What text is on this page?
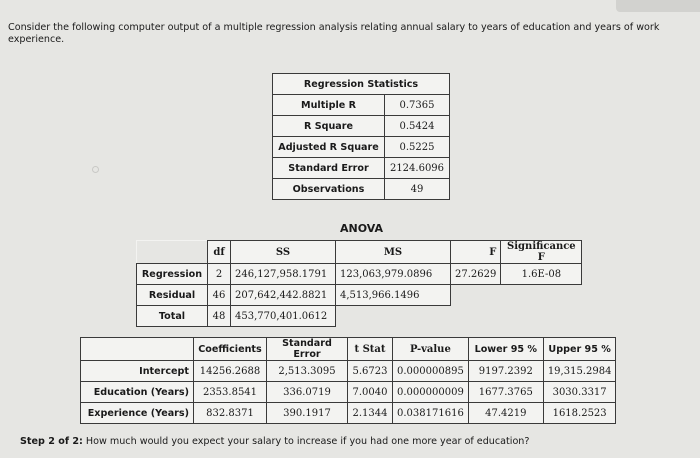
Consider the following computer output of a multiple regression analysis relating annual salary to years of education and years of work experience.
Regression Statistics	
Multiple R	0.7365
R Square	0.5424
Adjusted R Square	0.5225
Standard Error	2124.6096
Observations	49
ANOVA
	df	SS	MS	F	Significance F
Regression	2	246,127,958.1791	123,063,979.0896	27.2629	1.6E-08
Residual	46	207,642,442.8821	4,513,966.1496		
Total	48	453,770,401.0612			
	Coefficients	Standard Error	t Stat	P-value	Lower 95 %	Upper 95 %
Intercept	14256.2688	2,513.3095	5.6723	0.000000895	9197.2392	19,315.2984
Education (Years)	2353.8541	336.0719	7.0040	0.000000009	1677.3765	3030.3317
Experience (Years)	832.8371	390.1917	2.1344	0.038171616	47.4219	1618.2523
Step 2 of 2: How much would you expect your salary to increase if you had one more year of education?
